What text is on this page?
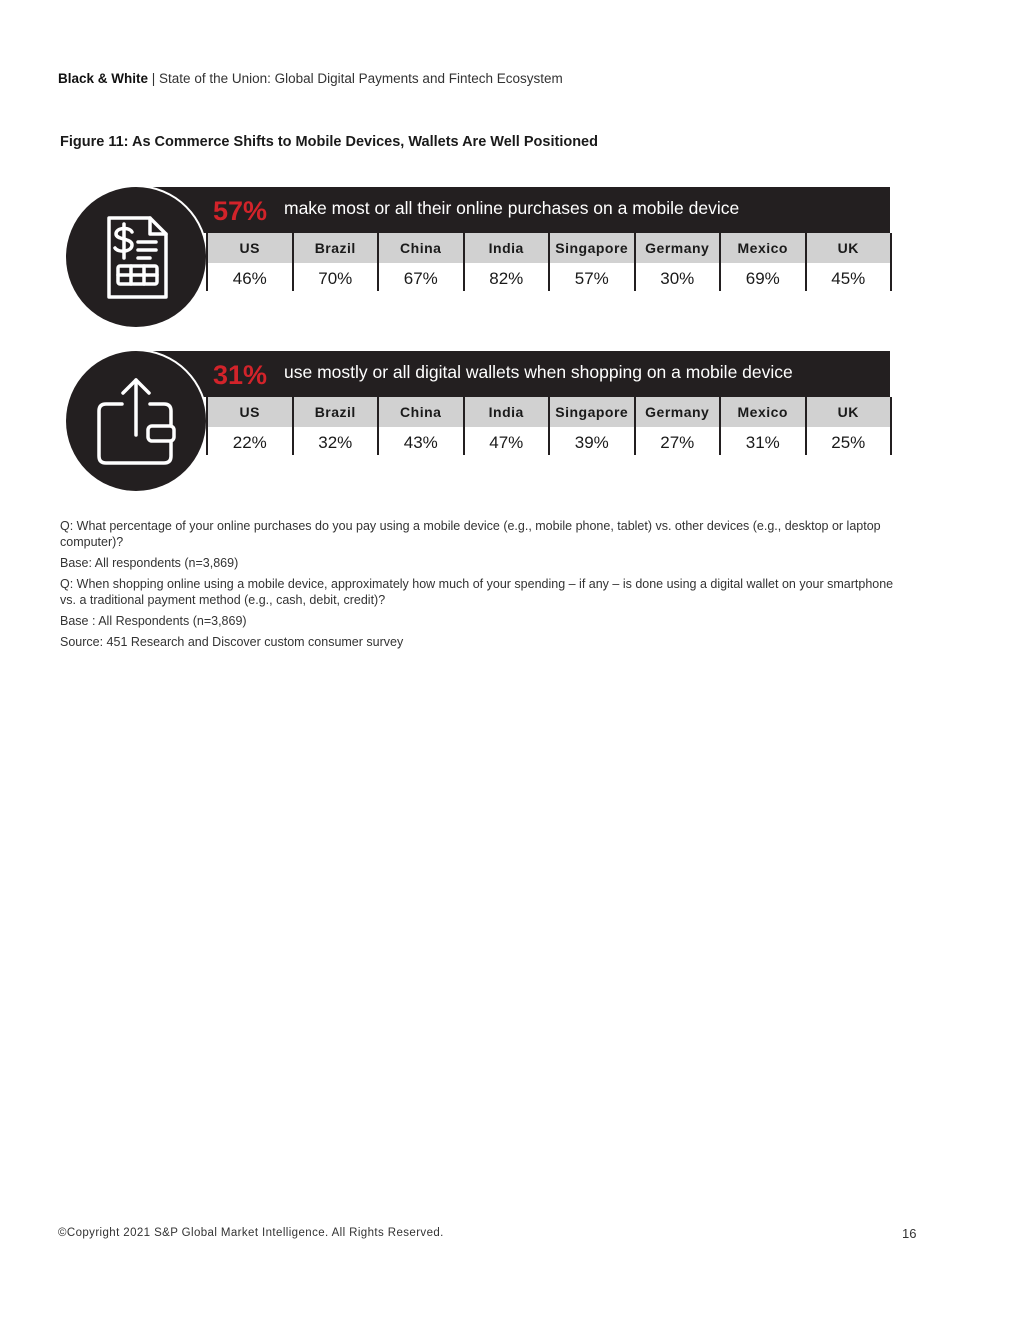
Black & White | State of the Union: Global Digital Payments and Fintech Ecosystem
Figure 11: As Commerce Shifts to Mobile Devices, Wallets Are Well Positioned
57% make most or all their online purchases on a mobile device
US
46%
Brazil
70%
China
67%
India
82%
Singapore
57%
Germany
30%
Mexico
69%
UK
45%
31% use mostly or all digital wallets when shopping on a mobile device
US
22%
Brazil
32%
China
43%
India
47%
Singapore
39%
Germany
27%
Mexico
31%
UK
25%

Q: What percentage of your online purchases do you pay using a mobile device (e.g., mobile phone, tablet) vs. other devices (e.g., desktop or laptop computer)?

Base: All respondents (n=3,869)

Q: When shopping online using a mobile device, approximately how much of your spending – if any – is done using a digital wallet on your smartphone vs. a traditional payment method (e.g., cash, debit, credit)?

Base : All Respondents (n=3,869)

Source: 451 Research and Discover custom consumer survey

©Copyright 2021 S&P Global Market Intelligence. All Rights Reserved.	16
